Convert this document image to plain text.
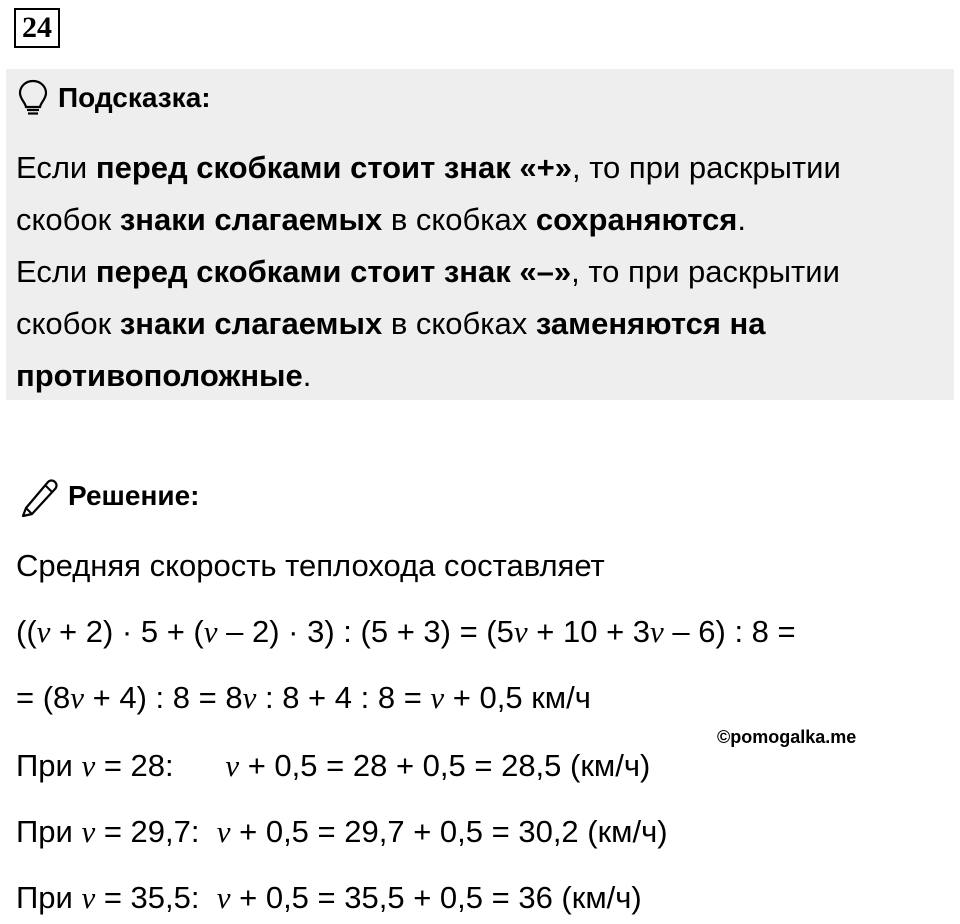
24
Подсказка:
Если перед скобками стоит знак «+», то при раскрытии
скобок знаки слагаемых в скобках сохраняются.
Если перед скобками стоит знак «–», то при раскрытии
скобок знаки слагаемых в скобках заменяются на
противоположные.
Решение:
Средняя скорость теплохода составляет
((v + 2) · 5 + (v – 2) · 3) : (5 + 3) = (5v + 10 + 3v – 6) : 8 =
= (8v + 4) : 8 = 8v : 8 + 4 : 8 = v + 0,5 км/ч
При v = 28:      v + 0,5 = 28 + 0,5 = 28,5 (км/ч)
При v = 29,7:  v + 0,5 = 29,7 + 0,5 = 30,2 (км/ч)
При v = 35,5:  v + 0,5 = 35,5 + 0,5 = 36 (км/ч)
©pomogalka.me
